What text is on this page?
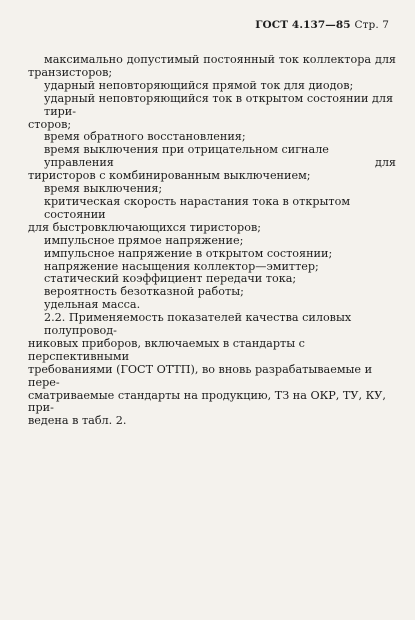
ГОСТ 4.137—85 Стр. 7
максимально допустимый постоянный ток коллектора для
транзисторов;
ударный неповторяющийся прямой ток для диодов;
ударный неповторяющийся ток в открытом состоянии для тири-
сторов;
время обратного восстановления;
время выключения при отрицательном сигнале управления для
тиристоров с комбинированным выключением;
время выключения;
критическая скорость нарастания тока в открытом состоянии
для быстровключающихся тиристоров;
импульсное прямое напряжение;
импульсное напряжение в открытом состоянии;
напряжение насыщения коллектор—эмиттер;
статический коэффициент передачи тока;
вероятность безотказной работы;
удельная масса.
2.2. Применяемость показателей качества силовых полупровод-
никовых приборов, включаемых в стандарты с перспективными
требованиями (ГОСТ ОТТП), во вновь разрабатываемые и пере-
сматриваемые стандарты на продукцию, ТЗ на ОКР, ТУ, КУ, при-
ведена в табл. 2.
